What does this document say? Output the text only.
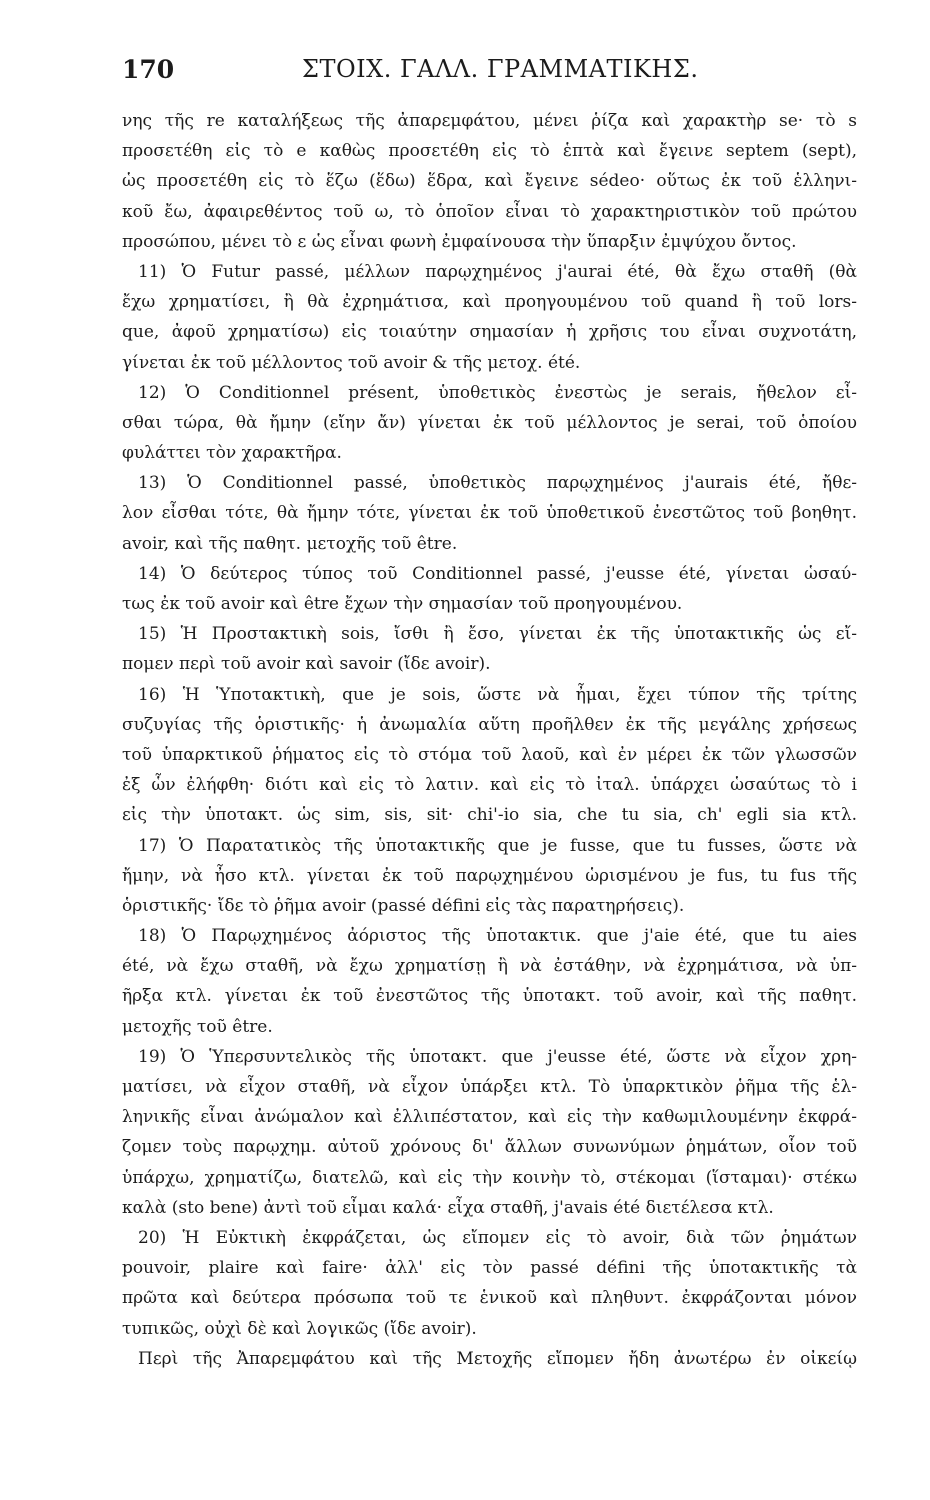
170	ΣΤΟΙΧ. ΓΑΛΛ. ΓΡΑΜΜΑΤΙΚΗΣ.
νης τῆς re καταλήξεως τῆς ἀπαρεμφάτου, μένει ῥίζα καὶ χαρακτὴρ se· τὸ s
προσετέθη εἰς τὸ e καθὼς προσετέθη εἰς τὸ ἑπτὰ καὶ ἔγεινε septem (sept),
ὡς προσετέθη εἰς τὸ ἕζω (ἕδω) ἕδρα, καὶ ἔγεινε sédeo· οὕτως ἐκ τοῦ ἑλληνι-
κοῦ ἔω, ἀφαιρεθέντος τοῦ ω, τὸ ὁποῖον εἶναι τὸ χαρακτηριστικὸν τοῦ πρώτου
προσώπου, μένει τὸ ε ὡς εἶναι φωνὴ ἐμφαίνουσα τὴν ὕπαρξιν ἐμψύχου ὄντος.
11) Ὁ Futur passé, μέλλων παρῳχημένος j'aurai été, θὰ ἔχω σταθῆ (θὰ
ἔχω χρηματίσει, ἢ θὰ ἐχρημάτισα, καὶ προηγουμένου τοῦ quand ἢ τοῦ lors-
que, ἀφοῦ χρηματίσω) εἰς τοιαύτην σημασίαν ἡ χρῆσις του εἶναι συχνοτάτη,
γίνεται ἐκ τοῦ μέλλοντος τοῦ avoir & τῆς μετοχ. été.
12) Ὁ Conditionnel présent, ὑποθετικὸς ἐνεστὼς je serais, ἤθελον εἶ-
σθαι τώρα, θὰ ἤμην (εἴην ἄν) γίνεται ἐκ τοῦ μέλλοντος je serai, τοῦ ὁποίου
φυλάττει τὸν χαρακτῆρα.
13) Ὁ Conditionnel passé, ὑποθετικὸς παρῳχημένος j'aurais été, ἤθε-
λον εἶσθαι τότε, θὰ ἤμην τότε, γίνεται ἐκ τοῦ ὑποθετικοῦ ἐνεστῶτος τοῦ βοηθητ.
avoir, καὶ τῆς παθητ. μετοχῆς τοῦ être.
14) Ὁ δεύτερος τύπος τοῦ Conditionnel passé, j'eusse été, γίνεται ὡσαύ-
τως ἐκ τοῦ avoir καὶ être ἔχων τὴν σημασίαν τοῦ προηγουμένου.
15) Ἡ Προστακτικὴ sois, ἴσθι ἢ ἔσο, γίνεται ἐκ τῆς ὑποτακτικῆς ὡς εἴ-
πομεν περὶ τοῦ avoir καὶ savoir (ἴδε avoir).
16) Ἡ Ὑποτακτικὴ, que je sois, ὥστε νὰ ἦμαι, ἔχει τύπον τῆς τρίτης
συζυγίας τῆς ὁριστικῆς· ἡ ἀνωμαλία αὕτη προῆλθεν ἐκ τῆς μεγάλης χρήσεως
τοῦ ὑπαρκτικοῦ ῥήματος εἰς τὸ στόμα τοῦ λαοῦ, καὶ ἐν μέρει ἐκ τῶν γλωσσῶν
ἐξ ὧν ἐλήφθη· διότι καὶ εἰς τὸ λατιν. καὶ εἰς τὸ ἰταλ. ὑπάρχει ὡσαύτως τὸ i
εἰς τὴν ὑποτακτ. ὡς sim, sis, sit· chi'-io sia, che tu sia, ch' egli sia κτλ.
17) Ὁ Παρατατικὸς τῆς ὑποτακτικῆς que je fusse, que tu fusses, ὥστε νὰ
ἤμην, νὰ ἦσο κτλ. γίνεται ἐκ τοῦ παρῳχημένου ὡρισμένου je fus, tu fus τῆς
ὁριστικῆς· ἴδε τὸ ῥῆμα avoir (passé défini εἰς τὰς παρατηρήσεις).
18) Ὁ Παρῳχημένος ἀόριστος τῆς ὑποτακτικ. que j'aie été, que tu aies
été, νὰ ἔχω σταθῆ, νὰ ἔχω χρηματίσῃ ἢ νὰ ἐστάθην, νὰ ἐχρημάτισα, νὰ ὑπ-
ῆρξα κτλ. γίνεται ἐκ τοῦ ἐνεστῶτος τῆς ὑποτακτ. τοῦ avoir, καὶ τῆς παθητ.
μετοχῆς τοῦ être.
19) Ὁ Ὑπερσυντελικὸς τῆς ὑποτακτ. que j'eusse été, ὥστε νὰ εἶχον χρη-
ματίσει, νὰ εἶχον σταθῆ, νὰ εἶχον ὑπάρξει κτλ. Τὸ ὑπαρκτικὸν ῥῆμα τῆς ἑλ-
ληνικῆς εἶναι ἀνώμαλον καὶ ἐλλιπέστατον, καὶ εἰς τὴν καθωμιλουμένην ἐκφρά-
ζομεν τοὺς παρῳχημ. αὐτοῦ χρόνους δι' ἄλλων συνωνύμων ῥημάτων, οἷον τοῦ
ὑπάρχω, χρηματίζω, διατελῶ, καὶ εἰς τὴν κοινὴν τὸ, στέκομαι (ἵσταμαι)· στέκω
καλὰ (sto bene) ἀντὶ τοῦ εἶμαι καλά· εἶχα σταθῆ, j'avais été διετέλεσα κτλ.
20) Ἡ Εὐκτικὴ ἐκφράζεται, ὡς εἴπομεν εἰς τὸ avoir, διὰ τῶν ῥημάτων
pouvoir, plaire καὶ faire· ἀλλ' εἰς τὸν passé défini τῆς ὑποτακτικῆς τὰ
πρῶτα καὶ δεύτερα πρόσωπα τοῦ τε ἑνικοῦ καὶ πληθυντ. ἐκφράζονται μόνον
τυπικῶς, οὐχὶ δὲ καὶ λογικῶς (ἴδε avoir).
Περὶ τῆς Ἀπαρεμφάτου καὶ τῆς Μετοχῆς εἴπομεν ἤδη ἀνωτέρω ἐν οἰκείῳ
